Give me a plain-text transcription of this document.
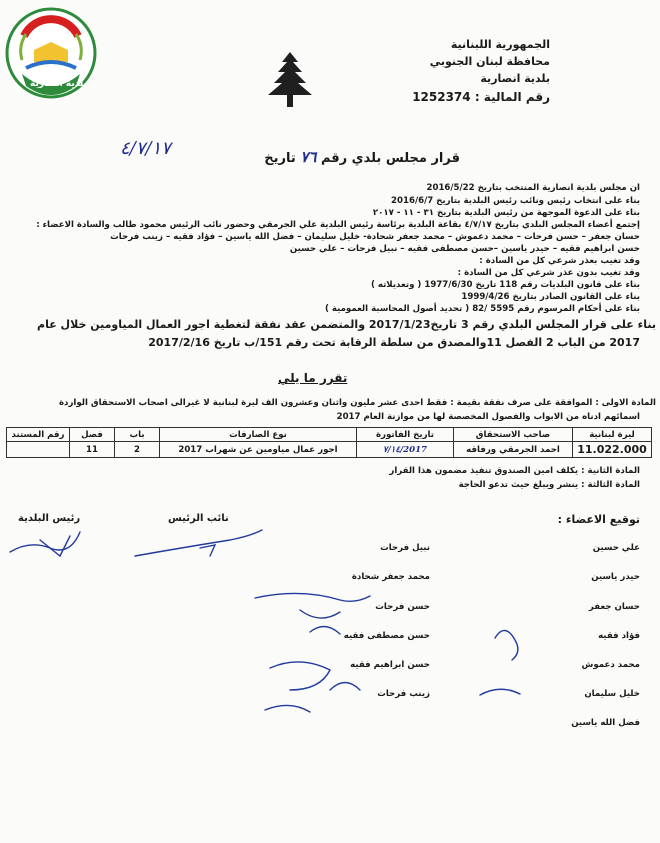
بلدية انصارية
الجمهورية اللبنانية
محافظة لبنان الجنوبي
بلدية انصارية
رقم المالية : 1252374
قرار مجلس بلدي رقم ٧٦ تاريخ
٤/٧/١٧
ان مجلس بلدية انصارية المنتخب بتاريخ 2016/5/22
بناء على انتخاب رئيس ونائب رئيس البلدية بتاريخ 2016/6/7
بناء على الدعوة الموجهة من رئيس البلدية بتاريخ ٣١ - ١١ - ٢٠١٧
إجتمع أعضاء المجلس البلدي بتاريخ ٤/٧/١٧ بقاعة البلدية برئاسة رئيس البلدية علي الجرمقي وحضور نائب الرئيس محمود طالب والسادة الاعضاء :
حسان جعفر – حسن فرحات – محمد دعموش – محمد جعفر شحادة- خليل سليمان – فضل الله ياسين – فؤاد فقيه – زينب فرحات
حسن ابراهيم فقيه – حيدر ياسين –حسن مصطفى فقيه – نبيل فرحات – علي حسين
وقد تغيب بعذر شرعي كل من السادة :
وقد تغيب بدون عذر شرعي كل من السادة :
بناء على قانون البلديات رقم 118 تاريخ 1977/6/30 ( وتعديلاته )
بناء على القانون الصادر بتاريخ 1999/4/26
بناء على أحكام المرسوم رقم 5595 /82 ( تحديد أصول المحاسبة العمومية )
بناء على قرار المجلس البلدي رقم 3 تاريخ2017/1/23 والمتضمن عقد نفقة لتغطية اجور العمال المياومين خلال عام
2017 من الباب 2 الفصل 11والمصدق من سلطة الرقابة تحت رقم 151/ب تاريخ 2017/2/16
تقرر ما يلي
المادة الاولى : الموافقة على صرف نفقة بقيمة : فقط احدى عشر مليون واثنان وعشرون الف ليرة لبنانية لا غيرالى اصحاب الاستحقاق الواردة
اسمائهم ادناه من الابواب والفصول المخصصة لها من موازنة العام 2017
ليرة لبنانية	صاحب الاستحقاق	تاريخ الفاتورة	نوع الصارفات	باب	فصل	رقم المستند
11.022.000	احمد الجرمقي ورفاقه	2017/٧/١٤	اجور عمال مياومين عن شهراب 2017	2	11	
المادة الثانية : يكلف امين الصندوق تنفيذ مضمون هذا القرار
المادة الثالثة : ينشر ويبلغ حيث تدعو الحاجة
توقيع الاعضاء :
رئيس البلدية	نائب الرئيس
علي حسين
نبيل فرحات
حيدر ياسين
محمد جعفر شحادة
حسان جعفر
حسن فرحات
فؤاد فقيه
حسن مصطفى فقيه
محمد دعموش
حسن ابراهيم فقيه
خليل سليمان
زينب فرحات
فضل الله ياسين
